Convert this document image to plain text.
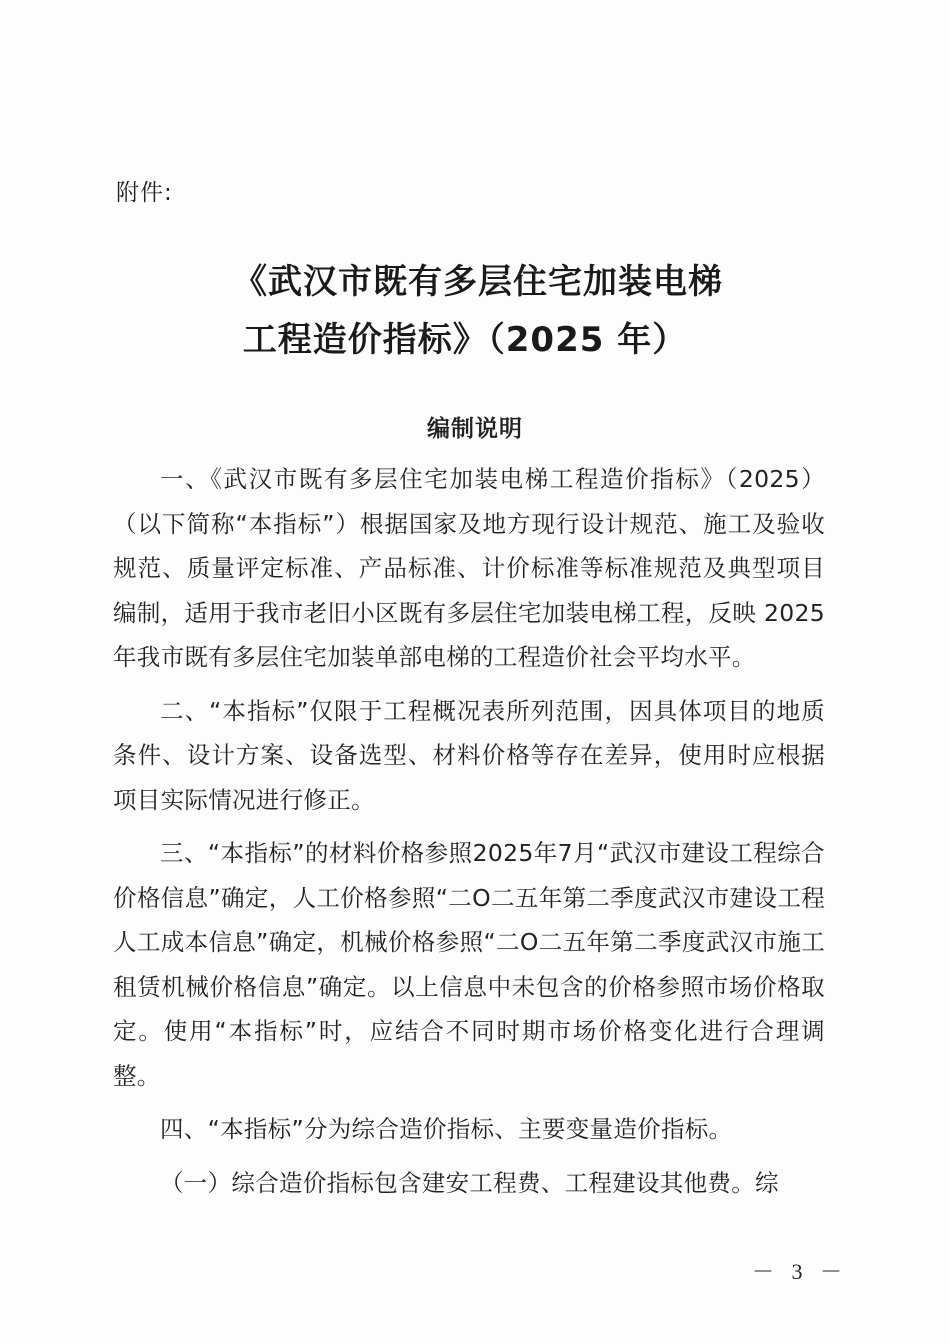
附件:
《武汉市既有多层住宅加装电梯
工程造价指标》（2025 年）
编制说明

一、《武汉市既有多层住宅加装电梯工程造价指标》（2025）（以下简称“本指标”）根据国家及地方现行设计规范、施工及验收规范、质量评定标准、产品标准、计价标准等标准规范及典型项目编制，适用于我市老旧小区既有多层住宅加装电梯工程，反映 2025 年我市既有多层住宅加装单部电梯的工程造价社会平均水平。

二、“本指标”仅限于工程概况表所列范围，因具体项目的地质条件、设计方案、设备选型、材料价格等存在差异，使用时应根据项目实际情况进行修正。

三、“本指标”的材料价格参照2025年7月“武汉市建设工程综合价格信息”确定，人工价格参照“二O二五年第二季度武汉市建设工程人工成本信息”确定，机械价格参照“二O二五年第二季度武汉市施工租赁机械价格信息”确定。以上信息中未包含的价格参照市场价格取定。使用“本指标”时，应结合不同时期市场价格变化进行合理调整。

四、“本指标”分为综合造价指标、主要变量造价指标。

（一）综合造价指标包含建安工程费、工程建设其他费。综

－ 3 －
